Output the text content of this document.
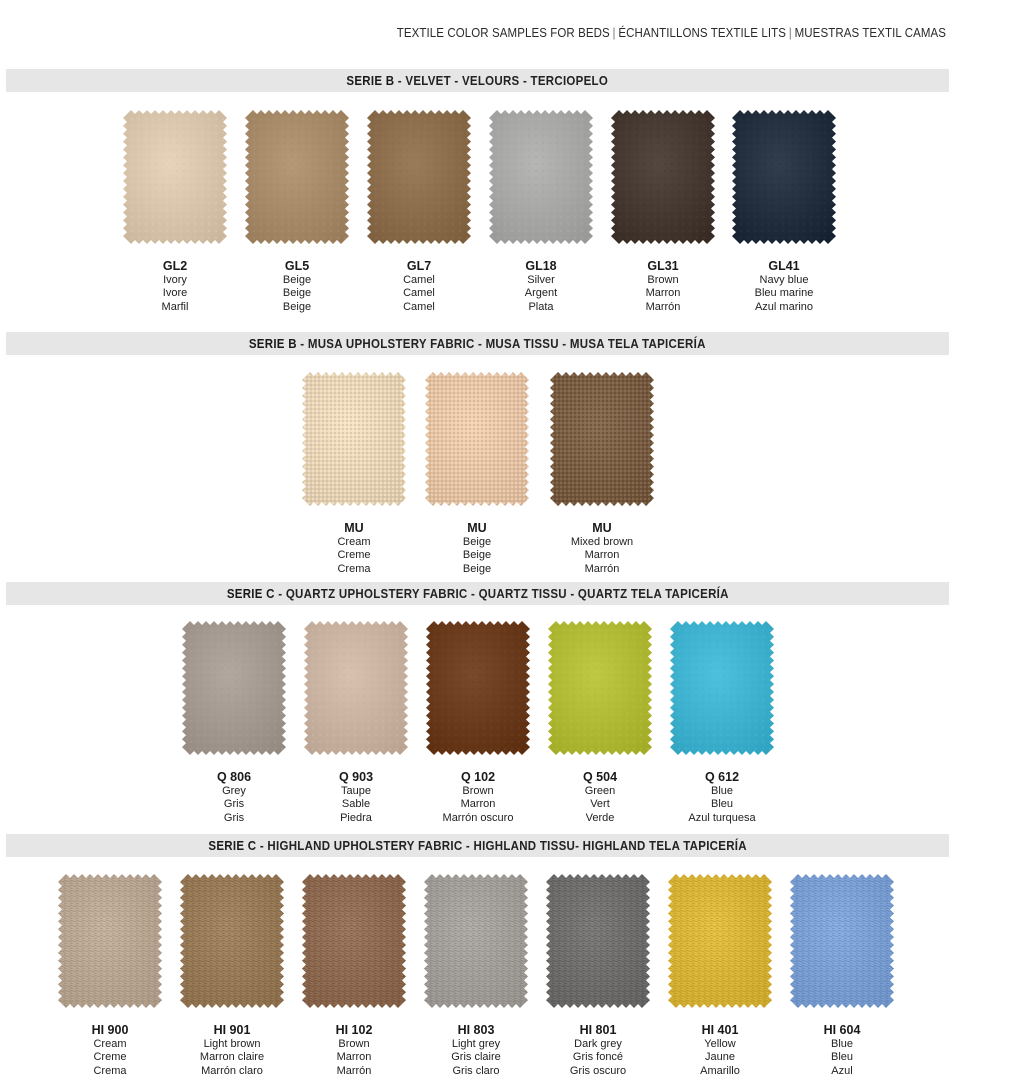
TEXTILE COLOR SAMPLES FOR BEDS | ÉCHANTILLONS TEXTILE LITS | MUESTRAS TEXTIL CAMAS
SERIE B - VELVET - VELOURS - TERCIOPELO
GL2
Ivory
Ivore
Marfil
GL5
Beige
Beige
Beige
GL7
Camel
Camel
Camel
GL18
Silver
Argent
Plata
GL31
Brown
Marron
Marrón
GL41
Navy blue
Bleu marine
Azul marino
SERIE B - MUSA UPHOLSTERY FABRIC - MUSA TISSU - MUSA TELA TAPICERÍA
MU
Cream
Creme
Crema
MU
Beige
Beige
Beige
MU
Mixed brown
Marron
Marrón
SERIE C - QUARTZ UPHOLSTERY FABRIC - QUARTZ TISSU - QUARTZ TELA TAPICERÍA
Q 806
Grey
Gris
Gris
Q 903
Taupe
Sable
Piedra
Q 102
Brown
Marron
Marrón oscuro
Q 504
Green
Vert
Verde
Q 612
Blue
Bleu
Azul turquesa
SERIE C - HIGHLAND UPHOLSTERY FABRIC - HIGHLAND TISSU- HIGHLAND TELA TAPICERÍA
HI 900
Cream
Creme
Crema
HI 901
Light brown
Marron claire
Marrón claro
HI 102
Brown
Marron
Marrón
HI 803
Light grey
Gris claire
Gris claro
HI 801
Dark grey
Gris foncé
Gris oscuro
HI 401
Yellow
Jaune
Amarillo
HI 604
Blue
Bleu
Azul
